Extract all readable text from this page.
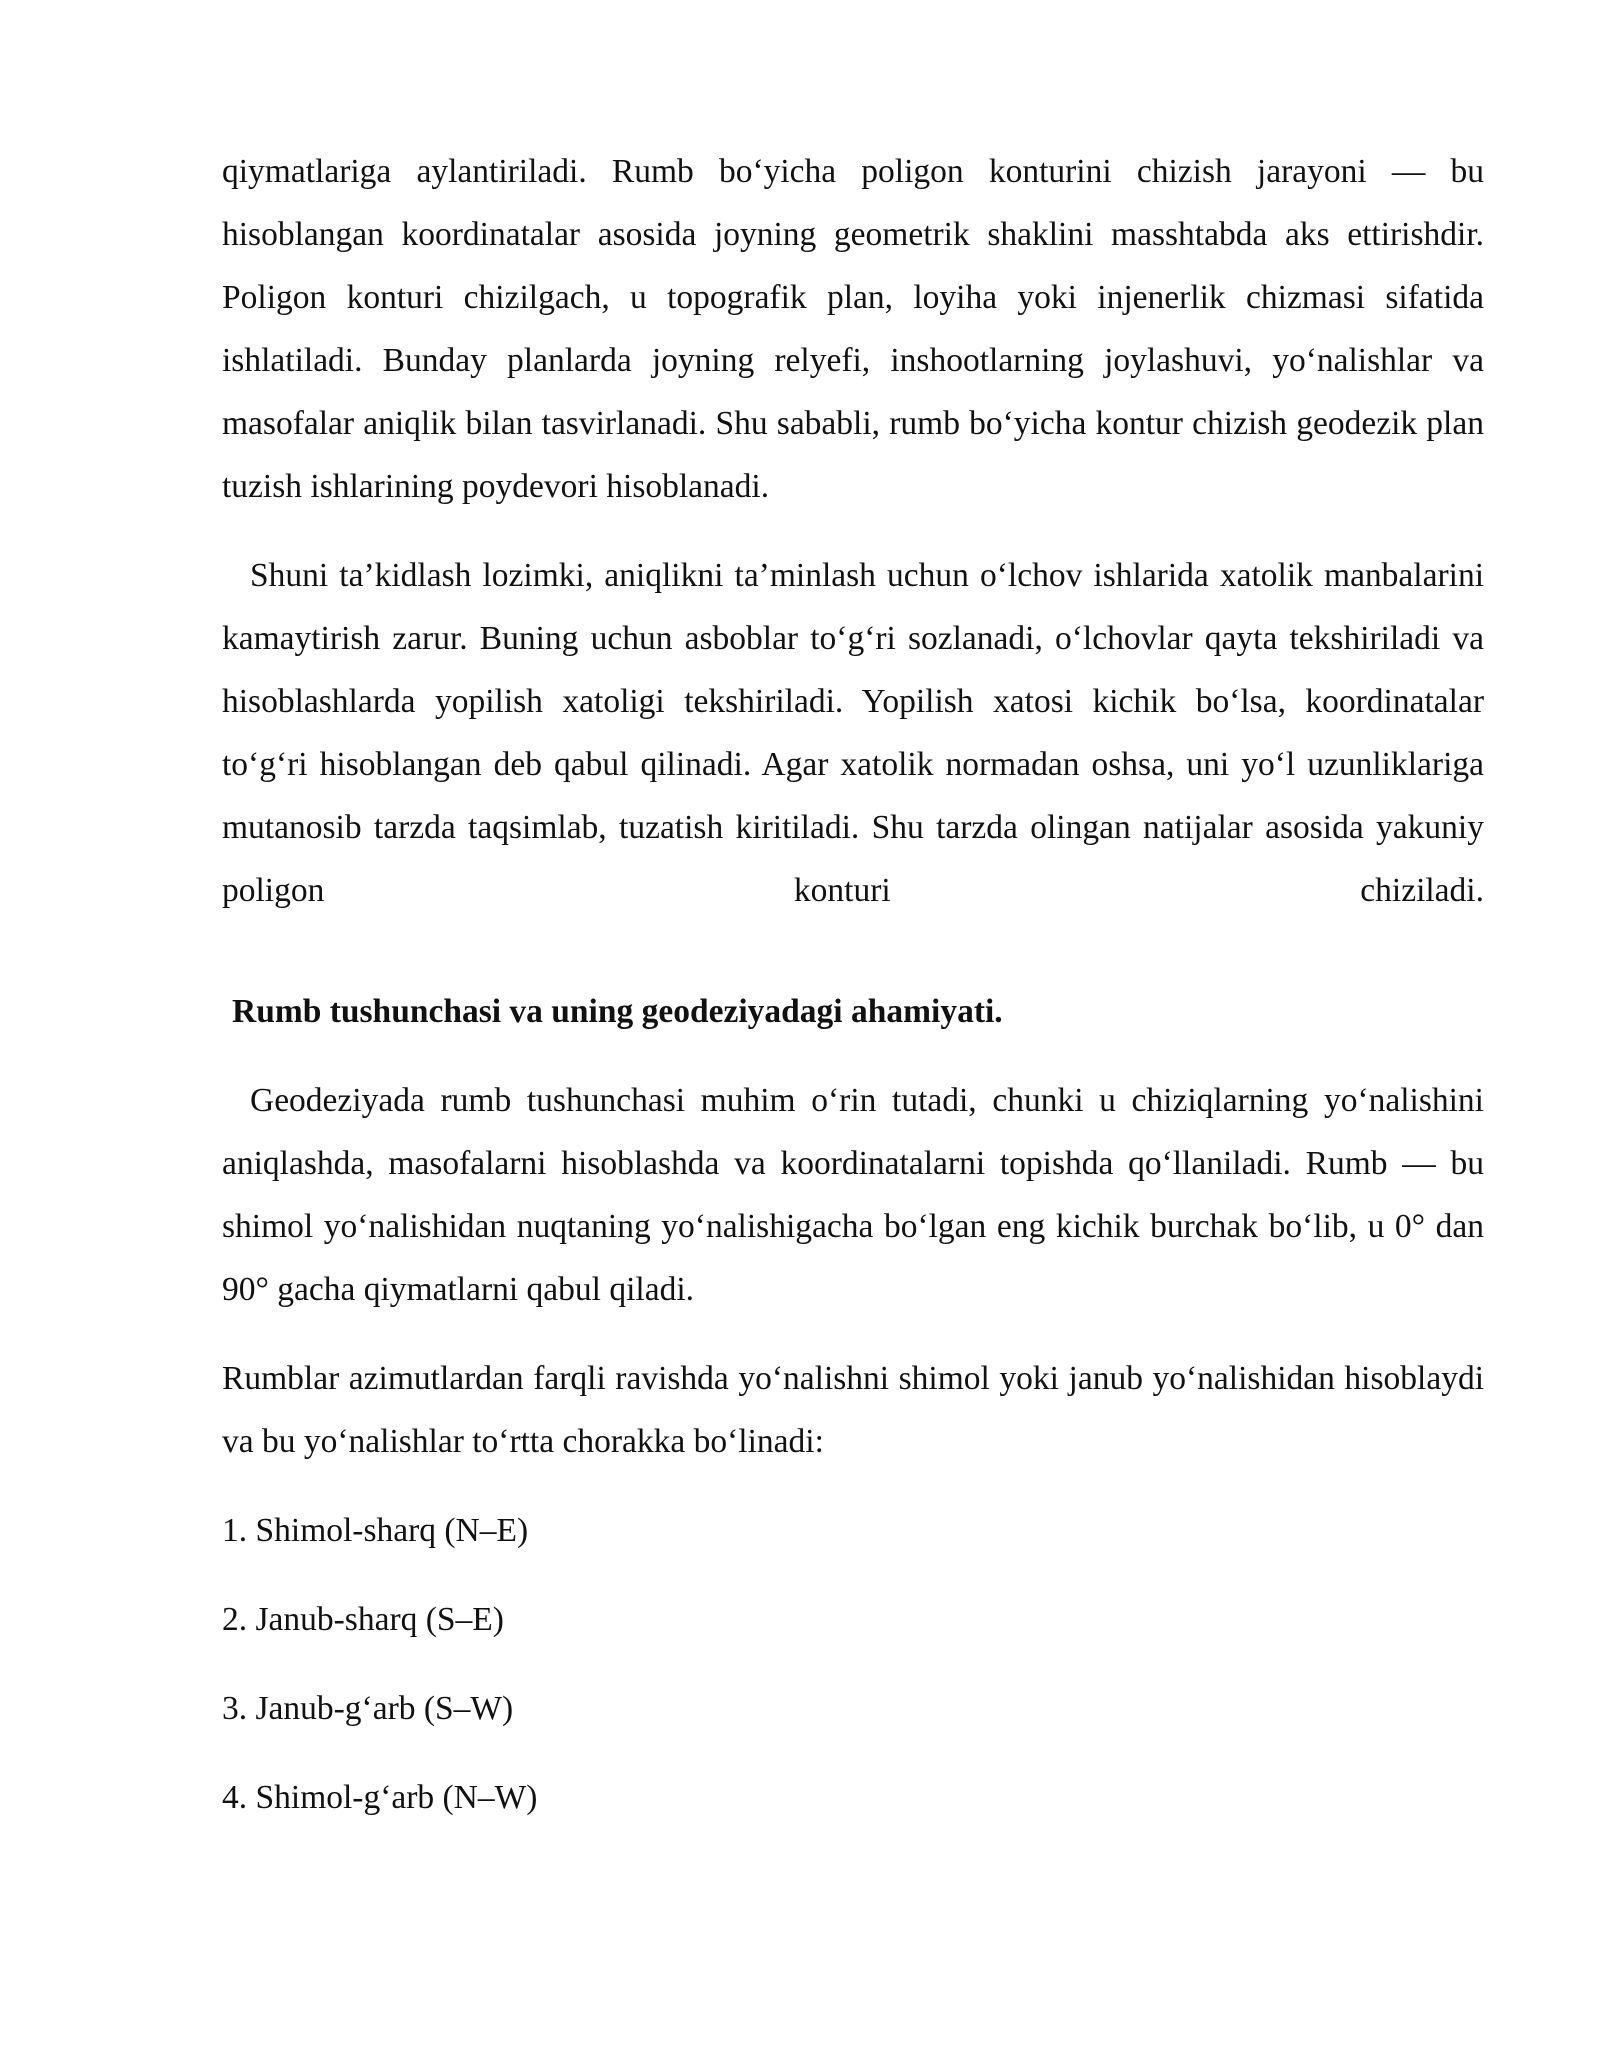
qiymatlariga aylantiriladi. Rumb bo‘yicha poligon konturini chizish jarayoni — bu hisoblangan koordinatalar asosida joyning geometrik shaklini masshtabda aks ettirishdir. Poligon konturi chizilgach, u topografik plan, loyiha yoki injenerlik chizmasi sifatida ishlatiladi. Bunday planlarda joyning relyefi, inshootlarning joylashuvi, yo‘nalishlar va masofalar aniqlik bilan tasvirlanadi. Shu sababli, rumb bo‘yicha kontur chizish geodezik plan tuzish ishlarining poydevori hisoblanadi.

Shuni ta’kidlash lozimki, aniqlikni ta’minlash uchun o‘lchov ishlarida xatolik manbalarini kamaytirish zarur. Buning uchun asboblar to‘g‘ri sozlanadi, o‘lchovlar qayta tekshiriladi va hisoblashlarda yopilish xatoligi tekshiriladi. Yopilish xatosi kichik bo‘lsa, koordinatalar to‘g‘ri hisoblangan deb qabul qilinadi. Agar xatolik normadan oshsa, uni yo‘l uzunliklariga mutanosib tarzda taqsimlab, tuzatish kiritiladi. Shu tarzda olingan natijalar asosida yakuniy poligon konturi chiziladi.

Rumb tushunchasi va uning geodeziyadagi ahamiyati.

Geodeziyada rumb tushunchasi muhim o‘rin tutadi, chunki u chiziqlarning yo‘nalishini aniqlashda, masofalarni hisoblashda va koordinatalarni topishda qo‘llaniladi. Rumb — bu shimol yo‘nalishidan nuqtaning yo‘nalishigacha bo‘lgan eng kichik burchak bo‘lib, u 0° dan 90° gacha qiymatlarni qabul qiladi.

Rumblar azimutlardan farqli ravishda yo‘nalishni shimol yoki janub yo‘nalishidan hisoblaydi va bu yo‘nalishlar to‘rtta chorakka bo‘linadi:

1. Shimol-sharq (N–E)

2. Janub-sharq (S–E)

3. Janub-g‘arb (S–W)

4. Shimol-g‘arb (N–W)
